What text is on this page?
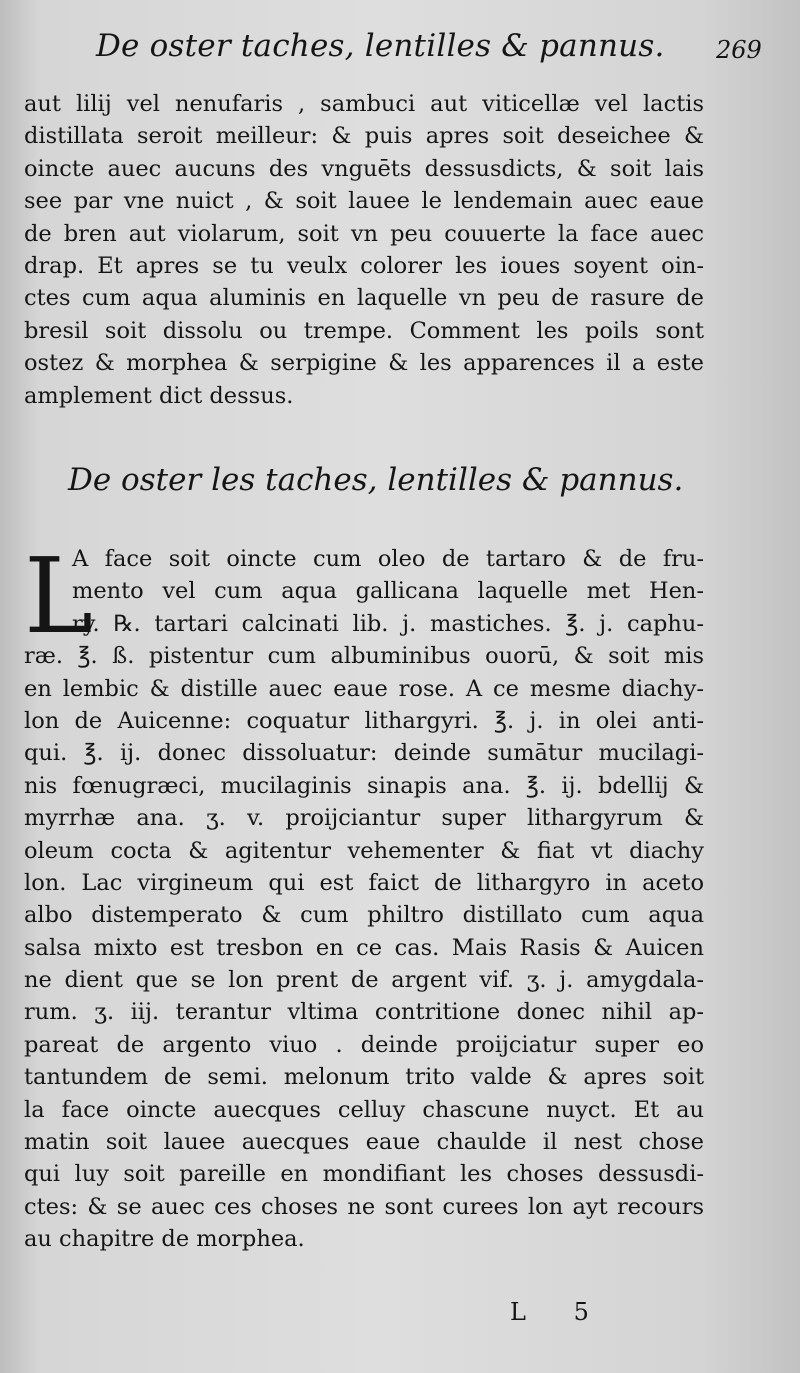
De oster taches, lentilles & pannus. 269
aut lilij vel nenufaris , sambuci aut viticellæ vel lactis
distillata seroit meilleur: & puis apres soit deseichee &
oincte auec aucuns des vnguēts dessusdicts, & soit lais
see par vne nuict , & soit lauee le lendemain auec eaue
de bren aut violarum, soit vn peu couuerte la face auec
drap. Et apres se tu veulx colorer les ioues soyent oin-
ctes cum aqua aluminis en laquelle vn peu de rasure de
bresil soit dissolu ou trempe. Comment les poils sont
ostez & morphea & serpigine & les apparences il a este
amplement dict dessus.
De oster les taches, lentilles & pannus.
L
A face soit oincte cum oleo de tartaro & de fru-
mento vel cum aqua gallicana laquelle met Hen-
ry. ℞. tartari calcinati lib. j. mastiches. ℥. j. caphu-
ræ. ℥. ß. pistentur cum albuminibus ouorū, & soit mis
en lembic & distille auec eaue rose. A ce mesme diachy-
lon de Auicenne: coquatur lithargyri. ℥. j. in olei anti-
qui. ℥. ij. donec dissoluatur: deinde sumātur mucilagi-
nis fœnugræci, mucilaginis sinapis ana. ℥. ij. bdellij &
myrrhæ ana. ʒ. v. proijciantur super lithargyrum &
oleum cocta & agitentur vehementer & fiat vt diachy
lon. Lac virgineum qui est faict de lithargyro in aceto
albo distemperato & cum philtro distillato cum aqua
salsa mixto est tresbon en ce cas. Mais Rasis & Auicen
ne dient que se lon prent de argent vif. ʒ. j. amygdala-
rum. ʒ. iij. terantur vltima contritione donec nihil ap-
pareat de argento viuo . deinde proijciatur super eo
tantundem de semi. melonum trito valde & apres soit
la face oincte auecques celluy chascune nuyct. Et au
matin soit lauee auecques eaue chaulde il nest chose
qui luy soit pareille en mondifiant les choses dessusdi-
ctes: & se auec ces choses ne sont curees lon ayt recours
au chapitre de morphea.
L 5
